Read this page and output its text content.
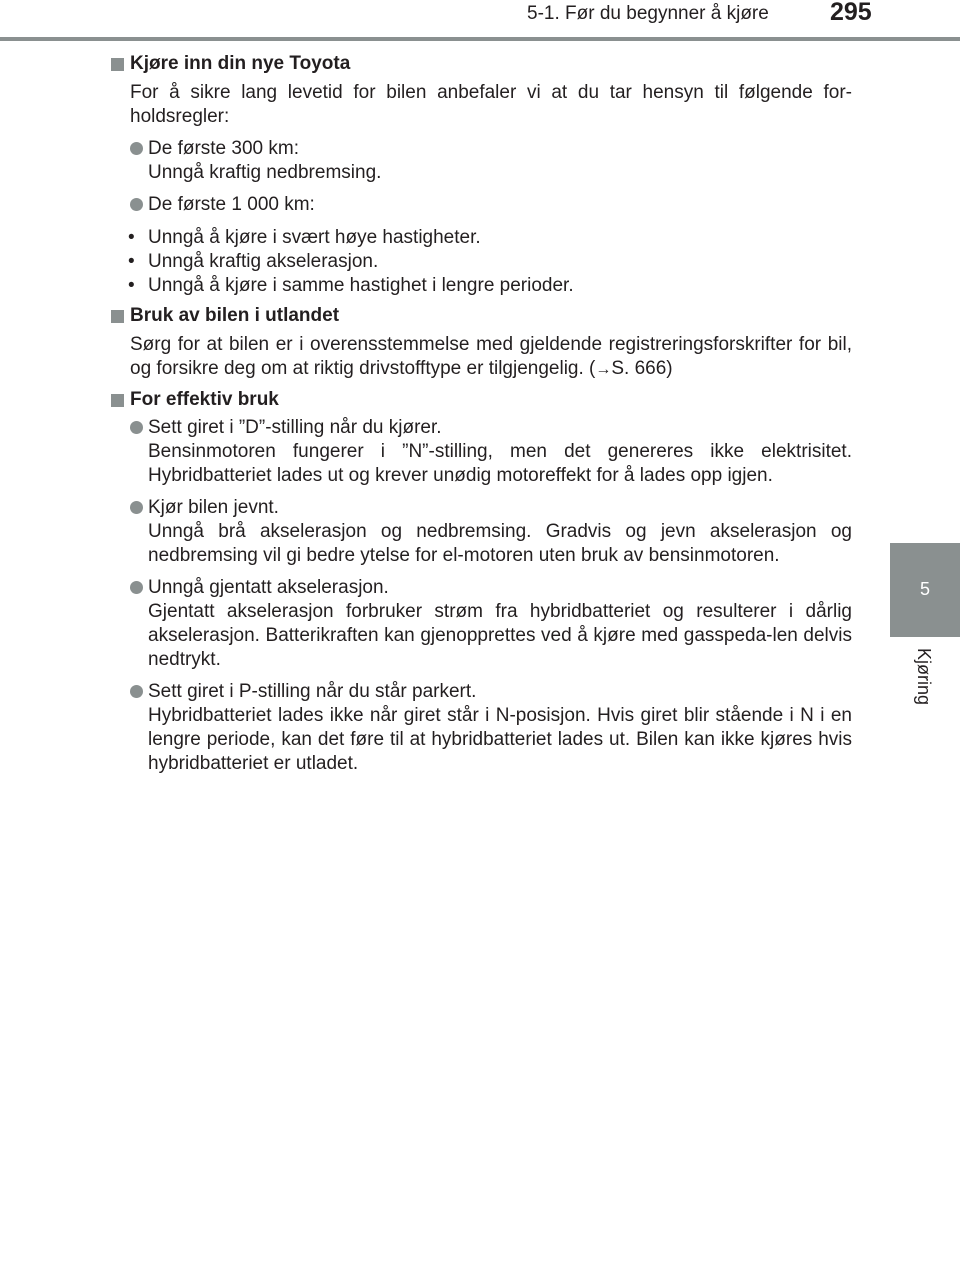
5-1. Før du begynner å kjøre 295
5
Kjøring

Kjøre inn din nye Toyota

For å sikre lang levetid for bilen anbefaler vi at du tar hensyn til følgende for-holdsregler:

De første 300 km:

Unngå kraftig nedbremsing.

De første 1 000 km:

• Unngå å kjøre i svært høye hastigheter.
• Unngå kraftig akselerasjon.
• Unngå å kjøre i samme hastighet i lengre perioder.

Bruk av bilen i utlandet

Sørg for at bilen er i overensstemmelse med gjeldende registreringsforskrifter for bil, og forsikre deg om at riktig drivstofftype er tilgjengelig. (→S. 666)

For effektiv bruk

Sett giret i ”D”-stilling når du kjører.

Bensinmotoren fungerer i ”N”-stilling, men det genereres ikke elektrisitet. Hybridbatteriet lades ut og krever unødig motoreffekt for å lades opp igjen.

Kjør bilen jevnt.

Unngå brå akselerasjon og nedbremsing. Gradvis og jevn akselerasjon og nedbremsing vil gi bedre ytelse for el-motoren uten bruk av bensinmotoren.

Unngå gjentatt akselerasjon.

Gjentatt akselerasjon forbruker strøm fra hybridbatteriet og resulterer i dårlig akselerasjon. Batterikraften kan gjenopprettes ved å kjøre med gasspeda-len delvis nedtrykt.

Sett giret i P-stilling når du står parkert.

Hybridbatteriet lades ikke når giret står i N-posisjon. Hvis giret blir stående i N i en lengre periode, kan det føre til at hybridbatteriet lades ut. Bilen kan ikke kjøres hvis hybridbatteriet er utladet.
